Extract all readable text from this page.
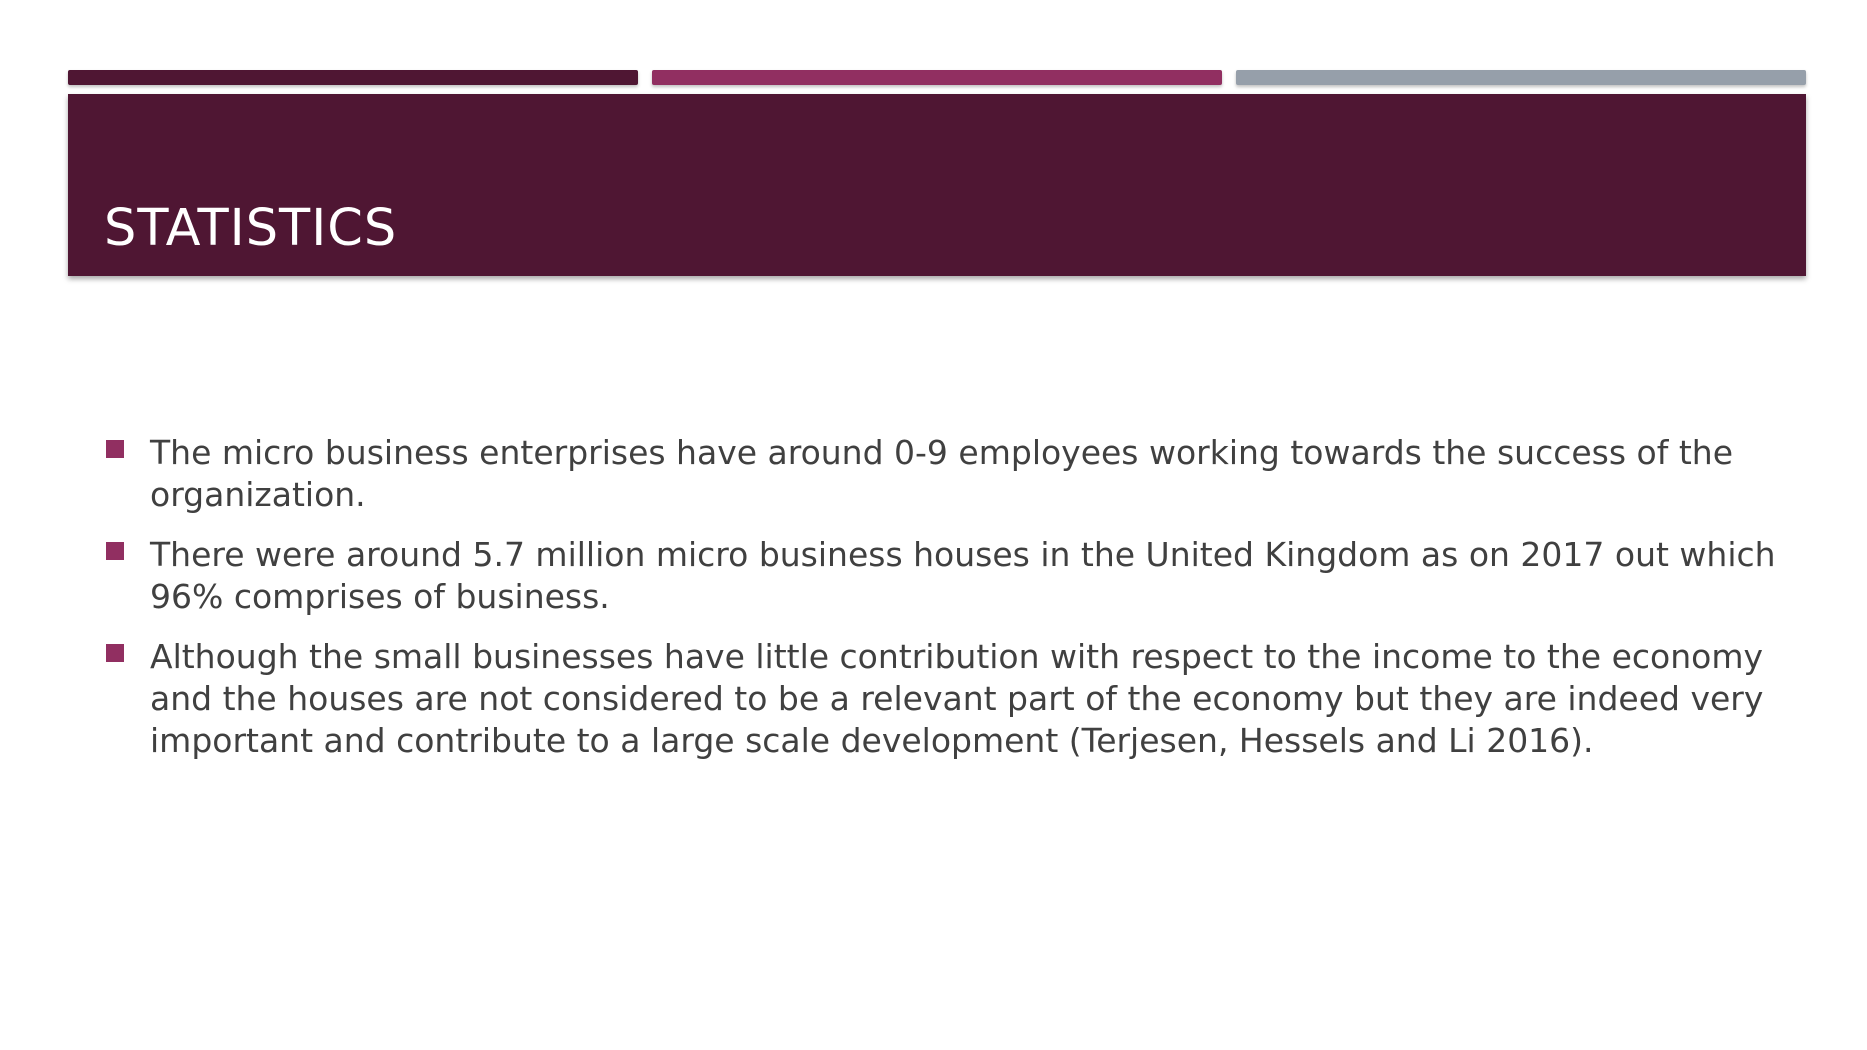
STATISTICS
The micro business enterprises have around 0-9 employees working towards the success of the organization.
There were around 5.7 million micro business houses in the United Kingdom as on 2017 out which 96% comprises of business.
Although the small businesses have little contribution with respect to the income to the economy and the houses are not considered to be a relevant part of the economy but they are indeed very important and contribute to a large scale development (Terjesen, Hessels and Li 2016).
